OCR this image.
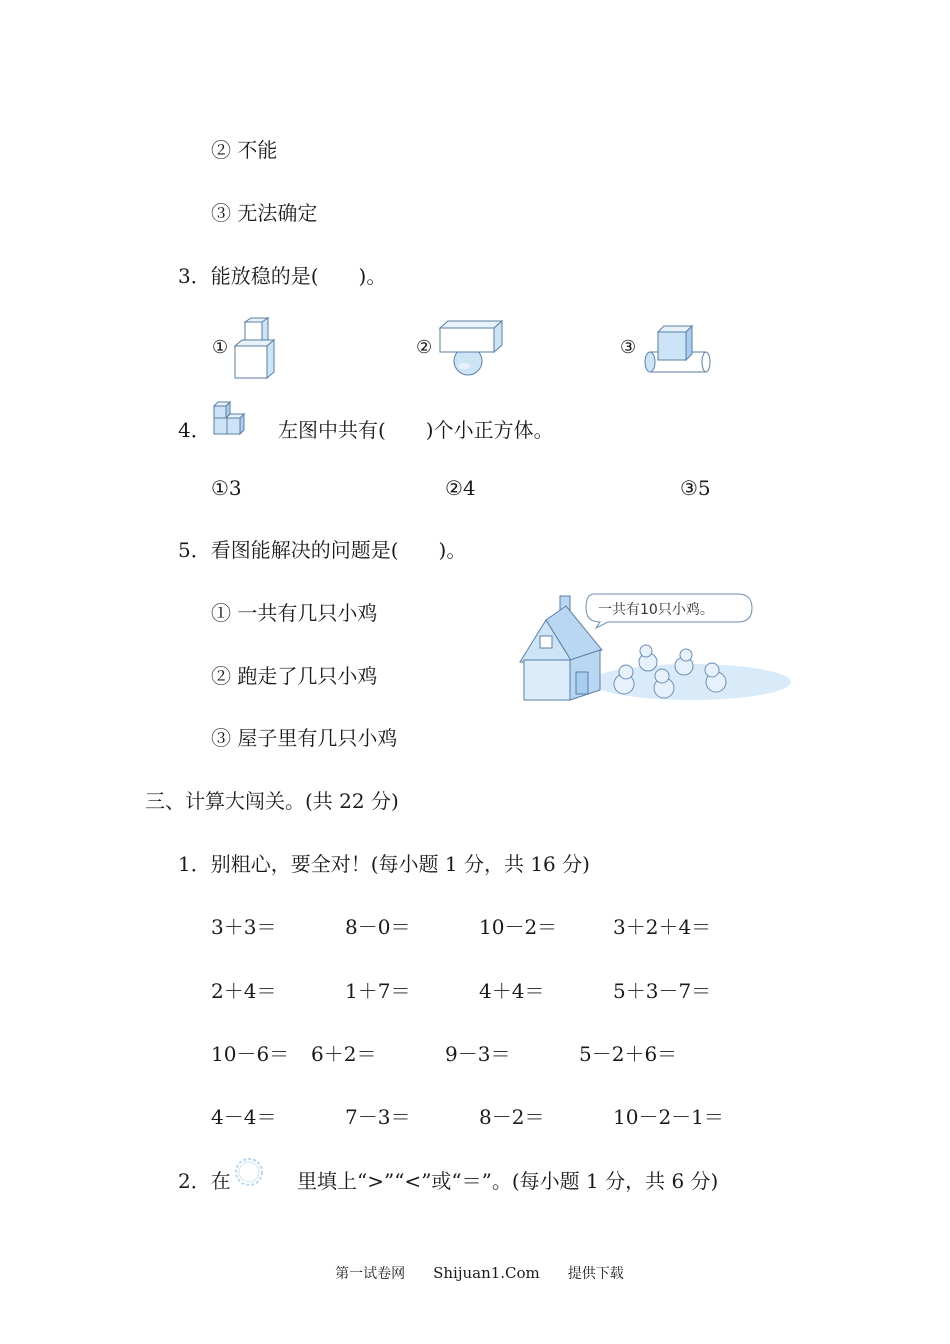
② 不能
③ 无法确定
3．能放稳的是(　　)。
①	②	③
4．	左图中共有(　　)个小正方体。
①3	②4	③5
5．看图能解决的问题是(　　)。
① 一共有几只小鸡
② 跑走了几只小鸡
③ 屋子里有几只小鸡
一共有10只小鸡。
三、计算大闯关。(共 22 分)
1．别粗心，要全对！(每小题 1 分，共 16 分)
3＋3＝	8－0＝	10－2＝	3＋2＋4＝
2＋4＝	1＋7＝	4＋4＝	5＋3－7＝
10－6＝ 6＋2＝	9－3＝	5－2＋6＝
4－4＝	7－3＝	8－2＝	10－2－1＝
2．在	里填上“>”“<”或“＝”。(每小题 1 分，共 6 分)

第一试卷网 Shijuan1.Com 提供下载
